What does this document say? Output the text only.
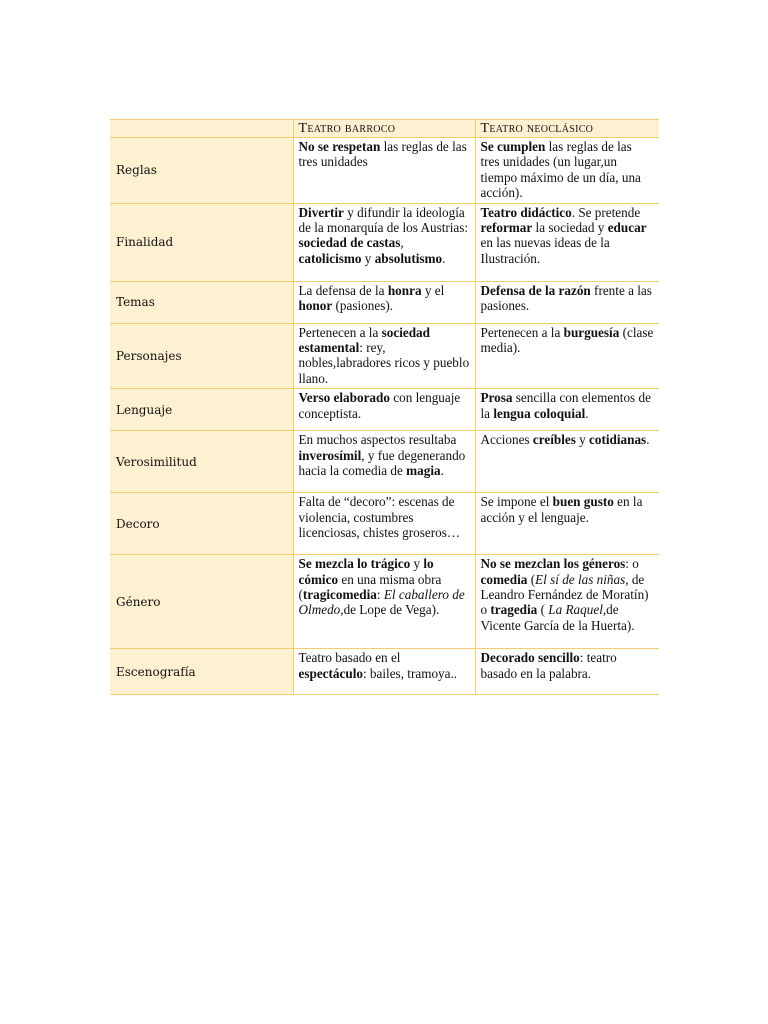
	Teatro barroco	Teatro neoclásico
Reglas	No se respetan las reglas de las tres unidades	Se cumplen las reglas de las tres unidades (un lugar,un tiempo máximo de un día, una acción).
Finalidad	Divertir y difundir la ideología de la monarquía de los Austrias: sociedad de castas, catolicismo y absolutismo.	Teatro didáctico. Se pretende reformar la sociedad y educar en las nuevas ideas de la Ilustración.
Temas	La defensa de la honra y el honor (pasiones).	Defensa de la razón frente a las pasiones.
Personajes	Pertenecen a la sociedad estamental: rey, nobles,labradores ricos y pueblo llano.	Pertenecen a la burguesía (clase media).
Lenguaje	Verso elaborado con lenguaje conceptista.	Prosa sencilla con elementos de la lengua coloquial.
Verosimilitud	En muchos aspectos resultaba inverosímil, y fue degenerando hacia la comedia de magia.	Acciones creíbles y cotidianas.
Decoro	Falta de “decoro”: escenas de violencia, costumbres licenciosas, chistes groseros…	Se impone el buen gusto en la acción y el lenguaje.
Género	Se mezcla lo trágico y lo cómico en una misma obra (tragicomedia: El caballero de Olmedo,de Lope de Vega).	No se mezclan los géneros: o comedia (El sí de las niñas, de Leandro Fernández de Moratín) o tragedia ( La Raquel,de Vicente García de la Huerta).
Escenografía	Teatro basado en el espectáculo: bailes, tramoya..	Decorado sencillo: teatro basado en la palabra.
